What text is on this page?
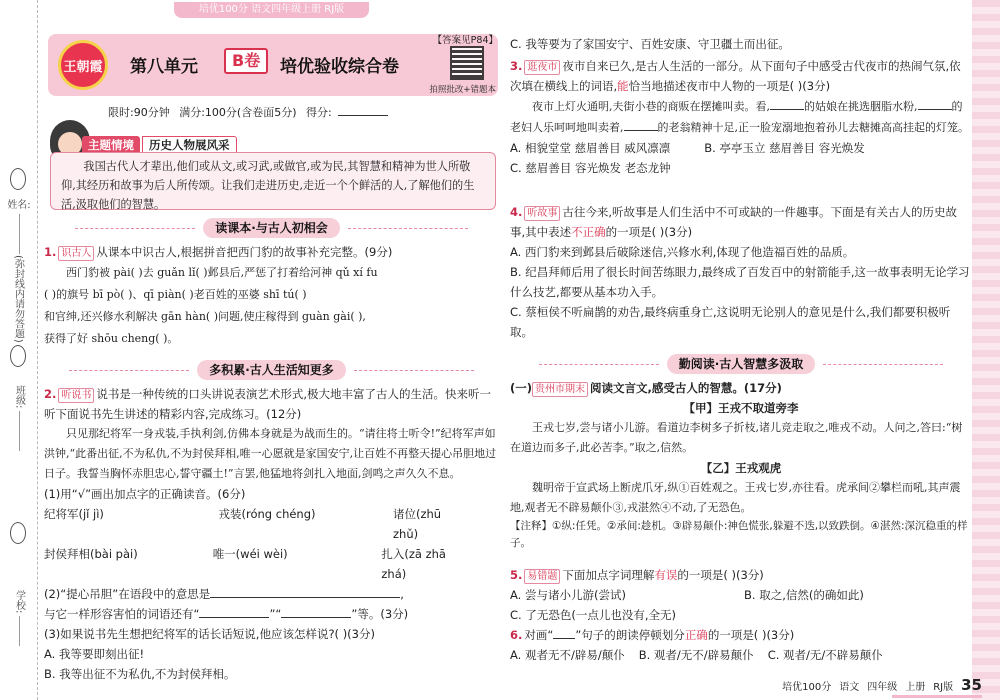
姓名:
(弥封线内请勿答题)
班级:
学校:
培优100分 语文四年级上册 RJ版
王朝霞 第八单元	B卷	培优验收综合卷
【答案见P84】
拍照批改+错题本
限时:90分钟 满分:100分(含卷面5分) 得分:
主题情境	历史人物展风采
我国古代人才辈出,他们或从文,或习武,或做官,或为民,其智慧和精神为世人所敬仰,其经历和故事为后人所传颂。让我们走进历史,走近一个个鲜活的人,了解他们的生活,汲取他们的智慧。
读课本·与古人初相会
1. 识古人 从课本中识古人,根据拼音把西门豹的故事补充完整。(9分)
西门豹被 pài( )去 guǎn lǐ( )邺县后,严惩了打着给河神 qǔ xí fu
( )的旗号 bī pò( )、qī piàn( )老百姓的巫婆 shī tú( )
和官绅,还兴修水利解决 gān hàn( )问题,使庄稼得到 guàn gài( ),
获得了好 shōu cheng( )。
多积累·古人生活知更多
2. 听说书 说书是一种传统的口头讲说表演艺术形式,极大地丰富了古人的生活。快来听一听下面说书先生讲述的精彩内容,完成练习。(12分)
只见那纪将军一身戎装,手执利剑,仿佛本身就是为战而生的。“请往将士听令!”纪将军声如洪钟,“此番出征,不为私仇,不为封侯拜相,唯一心愿就是家国安宁,让百姓不再整天提心吊胆地过日子。我誓当胸怀赤胆忠心,誓守疆土!”言罢,他猛地将剑扎入地面,剑鸣之声久久不息。
(1)用“√”画出加点字的正确读音。(6分)
纪将军(jǐ jì)	戎装(róng chéng)	诸位(zhū zhǔ)
封侯拜相(bài pài)	唯一(wéi wèi)	扎入(zā zhā zhá)
(2)“提心吊胆”在语段中的意思是	,
与它一样形容害怕的词语还有“	”“	”等。(3分)
(3)如果说书先生想把纪将军的话长话短说,他应该怎样说?( )(3分)
A. 我等要即刻出征!
B. 我等出征不为私仇,不为封侯拜相。
C. 我等要为了家国安宁、百姓安康、守卫疆土而出征。
3. 逛夜市 夜市自来已久,是古人生活的一部分。从下面句子中感受古代夜市的热闹气氛,依次填在横线上的词语,能恰当地描述夜市中人物的一项是( )(3分)
夜市上灯火通明,夫街小巷的商贩在摆摊叫卖。看,	的姑娘在挑选胭脂水粉,	的老妇人乐呵呵地叫卖着,	的老翁精神十足,正一脸宠溺地抱着孙儿去糖摊高高挂起的灯笼。
A. 相貌堂堂 慈眉善目 威风凛凛	B. 亭亭玉立 慈眉善目 容光焕发
C. 慈眉善目 容光焕发 老态龙钟
4. 听故事 古往今来,听故事是人们生活中不可或缺的一件趣事。下面是有关古人的历史故事,其中表述不正确的一项是( )(3分)
A. 西门豹来到邺县后破除迷信,兴修水利,体现了他造福百姓的品质。
B. 纪昌拜师后用了很长时间苦练眼力,最终成了百发百中的射箭能手,这一故事表明无论学习什么技艺,都要从基本功入手。
C. 蔡桓侯不听扁鹊的劝告,最终病重身亡,这说明无论别人的意见是什么,我们都要积极听取。
勤阅读·古人智慧多汲取
(一) 贵州市期末 阅读文言文,感受古人的智慧。(17分)
【甲】王戎不取道旁李
王戎七岁,尝与诸小儿游。看道边李树多子折枝,诸儿竞走取之,唯戎不动。人问之,答曰:“树在道边而多子,此必苦李。”取之,信然。
【乙】王戎观虎
魏明帝于宣武场上断虎爪牙,纵①百姓观之。王戎七岁,亦往看。虎承间②攀栏而吼,其声震地,观者无不辟易颠仆③,戎湛然④不动,了无恐色。
【注释】①纵:任凭。②承间:趁机。③辟易颠仆:神色慌张,躲避不迭,以致跌倒。④湛然:深沉稳重的样子。
5. 易错题 下面加点字词理解有误的一项是( )(3分)
A. 尝与诸小儿游(尝试)	B. 取之,信然(的确如此)
C. 了无恐色(一点儿也没有,全无)
6. 对画“ ”句子的朗读停顿划分正确的一项是( )(3分)
A. 观者无不/辟易/颠仆 B. 观者/无不/辟易颠仆 C. 观者/无/不辟易颠仆
培优100分 语文 四年级 上册 RJ版 35
